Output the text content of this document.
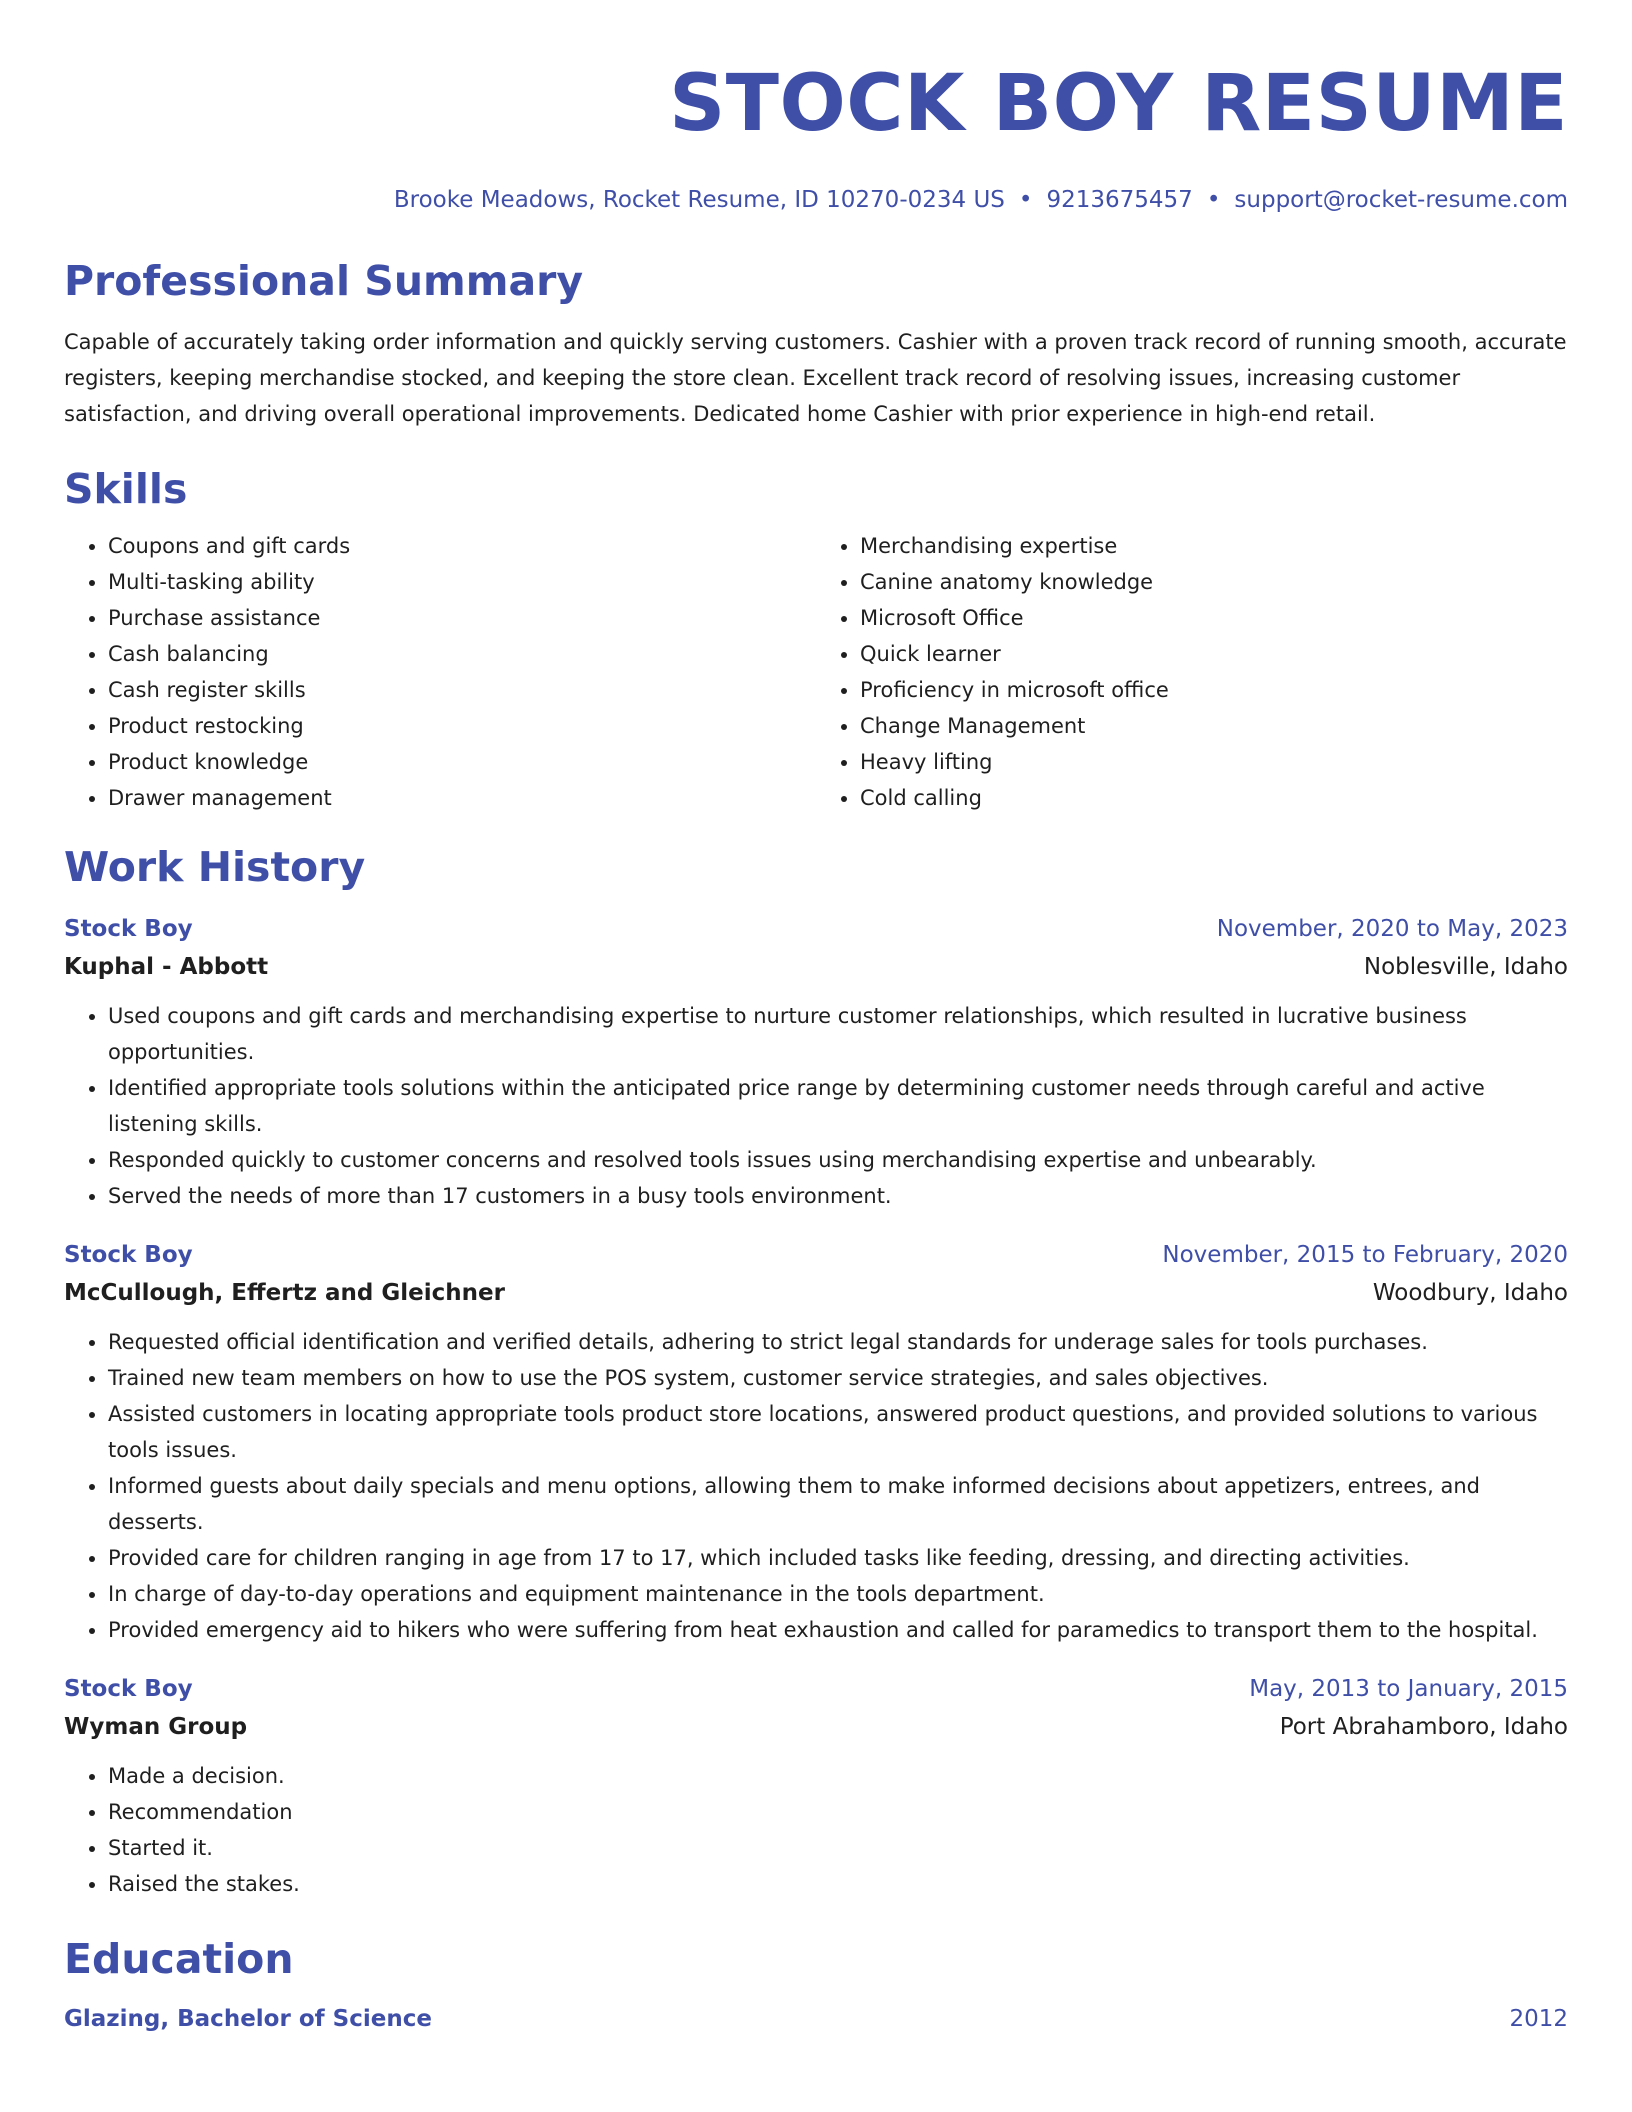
STOCK BOY RESUME
Brooke Meadows, Rocket Resume, ID 10270-0234 US • 9213675457 • support@rocket-resume.com
Professional Summary
Capable of accurately taking order information and quickly serving customers. Cashier with a proven track record of running smooth, accurate registers, keeping merchandise stocked, and keeping the store clean. Excellent track record of resolving issues, increasing customer satisfaction, and driving overall operational improvements. Dedicated home Cashier with prior experience in high-end retail.
Skills
• Coupons and gift cards
• Multi-tasking ability
• Purchase assistance
• Cash balancing
• Cash register skills
• Product restocking
• Product knowledge
• Drawer management
• Merchandising expertise
• Canine anatomy knowledge
• Microsoft Office
• Quick learner
• Proficiency in microsoft office
• Change Management
• Heavy lifting
• Cold calling
Work History
Stock Boy	November, 2020 to May, 2023
Kuphal - Abbott	Noblesville, Idaho
• Used coupons and gift cards and merchandising expertise to nurture customer relationships, which resulted in lucrative business opportunities.
• Identified appropriate tools solutions within the anticipated price range by determining customer needs through careful and active listening skills.
• Responded quickly to customer concerns and resolved tools issues using merchandising expertise and unbearably.
• Served the needs of more than 17 customers in a busy tools environment.
Stock Boy	November, 2015 to February, 2020
McCullough, Effertz and Gleichner	Woodbury, Idaho
• Requested official identification and verified details, adhering to strict legal standards for underage sales for tools purchases.
• Trained new team members on how to use the POS system, customer service strategies, and sales objectives.
• Assisted customers in locating appropriate tools product store locations, answered product questions, and provided solutions to various tools issues.
• Informed guests about daily specials and menu options, allowing them to make informed decisions about appetizers, entrees, and desserts.
• Provided care for children ranging in age from 17 to 17, which included tasks like feeding, dressing, and directing activities.
• In charge of day-to-day operations and equipment maintenance in the tools department.
• Provided emergency aid to hikers who were suffering from heat exhaustion and called for paramedics to transport them to the hospital.
Stock Boy	May, 2013 to January, 2015
Wyman Group	Port Abrahamboro, Idaho
• Made a decision.
• Recommendation
• Started it.
• Raised the stakes.
Education
Glazing, Bachelor of Science	2012
